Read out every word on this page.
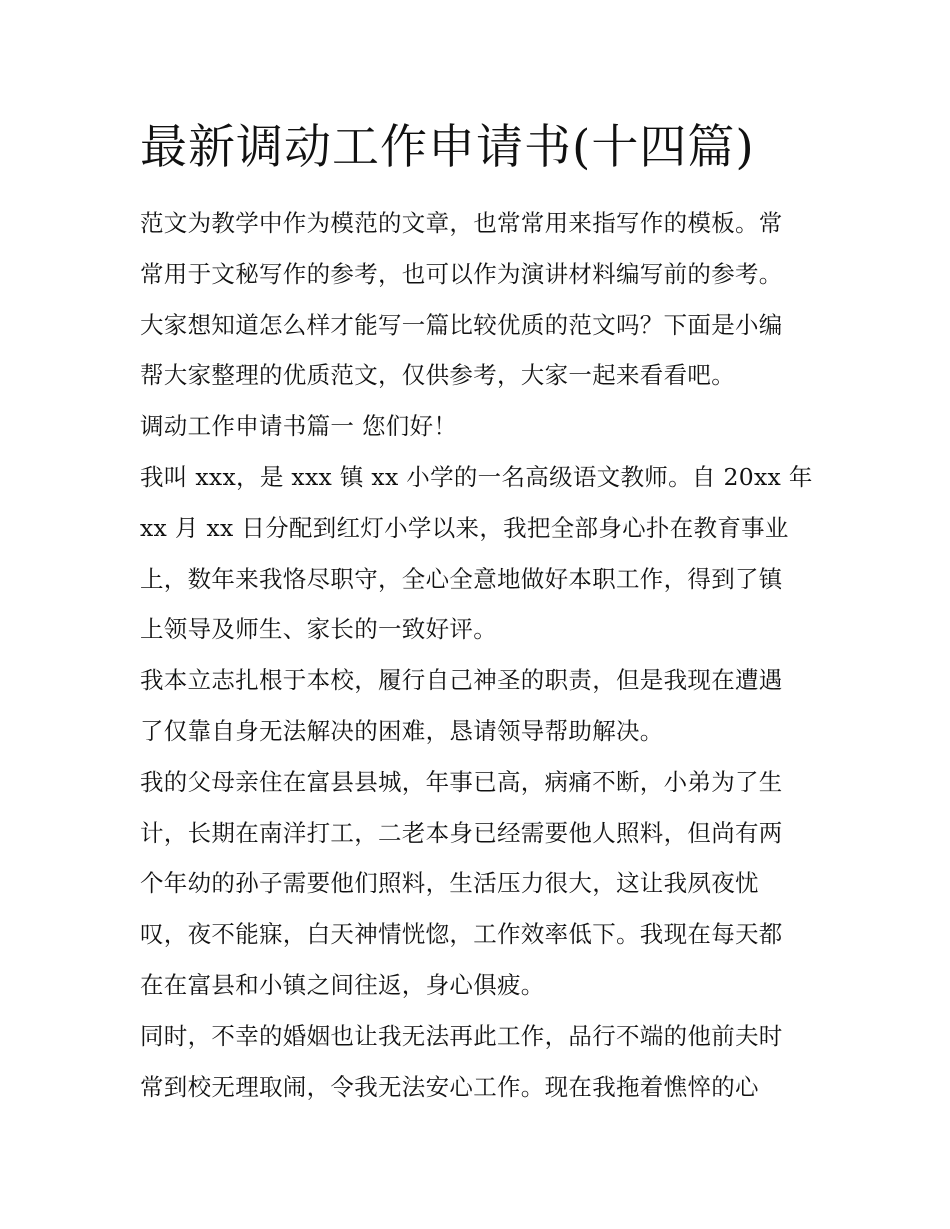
最新调动工作申请书(十四篇)

范文为教学中作为模范的文章，也常常用来指写作的模板。常

常用于文秘写作的参考，也可以作为演讲材料编写前的参考。

大家想知道怎么样才能写一篇比较优质的范文吗？下面是小编

帮大家整理的优质范文，仅供参考，大家一起来看看吧。

调动工作申请书篇一 您们好！

我叫 xxx，是 xxx 镇 xx 小学的一名高级语文教师。自 20xx 年

xx 月 xx 日分配到红灯小学以来，我把全部身心扑在教育事业

上，数年来我恪尽职守，全心全意地做好本职工作，得到了镇

上领导及师生、家长的一致好评。

我本立志扎根于本校，履行自己神圣的职责，但是我现在遭遇

了仅靠自身无法解决的困难，恳请领导帮助解决。

我的父母亲住在富县县城，年事已高，病痛不断，小弟为了生

计，长期在南洋打工，二老本身已经需要他人照料，但尚有两

个年幼的孙子需要他们照料，生活压力很大，这让我夙夜忧

叹，夜不能寐，白天神情恍惚，工作效率低下。我现在每天都

在在富县和小镇之间往返，身心俱疲。

同时，不幸的婚姻也让我无法再此工作，品行不端的他前夫时

常到校无理取闹，令我无法安心工作。现在我拖着憔悴的心
